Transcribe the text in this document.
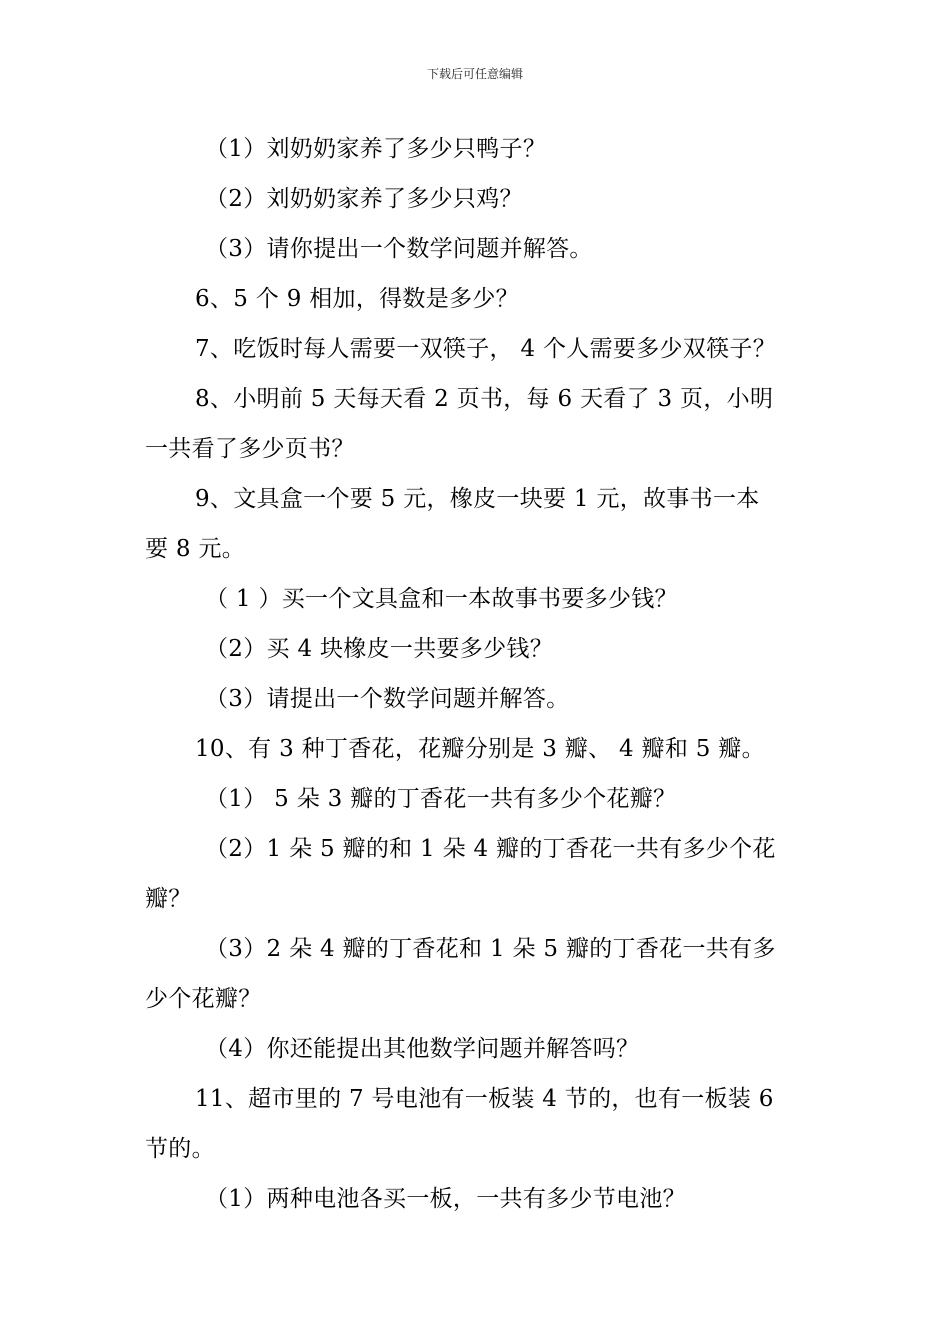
下载后可任意编辑
（1）刘奶奶家养了多少只鸭子？
（2）刘奶奶家养了多少只鸡？
（3）请你提出一个数学问题并解答。
6、5 个 9 相加，得数是多少？
7、吃饭时每人需要一双筷子， 4 个人需要多少双筷子？
8、小明前 5 天每天看 2 页书，每 6 天看了 3 页，小明
一共看了多少页书？
9、文具盒一个要 5 元，橡皮一块要 1 元，故事书一本
要 8 元。
（ 1 ）买一个文具盒和一本故事书要多少钱？
（2）买 4 块橡皮一共要多少钱？
（3）请提出一个数学问题并解答。
10、有 3 种丁香花，花瓣分别是 3 瓣、 4 瓣和 5 瓣。
（1） 5 朵 3 瓣的丁香花一共有多少个花瓣？
（2）1 朵 5 瓣的和 1 朵 4 瓣的丁香花一共有多少个花
瓣？
（3）2 朵 4 瓣的丁香花和 1 朵 5 瓣的丁香花一共有多
少个花瓣？
（4）你还能提出其他数学问题并解答吗？
11、超市里的 7 号电池有一板装 4 节的，也有一板装 6
节的。
（1）两种电池各买一板，一共有多少节电池？
